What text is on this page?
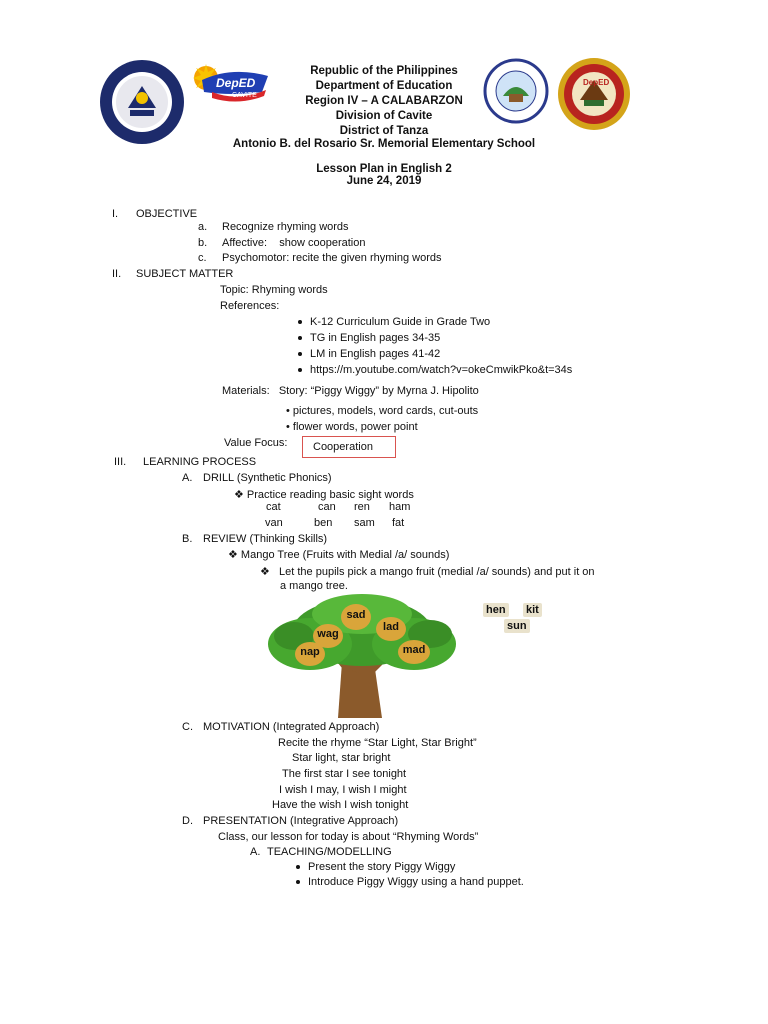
DepED
CAVITE
DepED
Republic of the Philippines
Department of Education
Region IV – A CALABARZON
Division of Cavite
District of Tanza
Antonio B. del Rosario Sr. Memorial Elementary School
Lesson Plan in English 2
June 24, 2019
I. OBJECTIVE
a. Recognize rhyming words
b. Affective:    show cooperation
c. Psychomotor: recite the given rhyming words
II. SUBJECT MATTER
Topic: Rhyming words
References:
K-12 Curriculum Guide in Grade Two
TG in English pages 34-35
LM in English pages 41-42
https://m.youtube.com/watch?v=okeCmwikPko&t=34s
Materials:   Story: “Piggy Wiggy” by Myrna J. Hipolito
• pictures, models, word cards, cut-outs
• flower words, power point
Value Focus:	Cooperation
III. LEARNING PROCESS
A. DRILL (Synthetic Phonics)
❖ Practice reading basic sight words
cat	can ren ham
van	ben sam fat
B. REVIEW (Thinking Skills)
❖ Mango Tree (Fruits with Medial /a/ sounds)
❖   Let the pupils pick a mango fruit (medial /a/ sounds) and put it on
a mango tree.
sad
wag
lad
nap	mad
hen kit
sun
C. MOTIVATION (Integrated Approach)
Recite the rhyme “Star Light, Star Bright”
Star light, star bright
The first star I see tonight
I wish I may, I wish I might
Have the wish I wish tonight
D. PRESENTATION (Integrative Approach)
Class, our lesson for today is about “Rhyming Words”
A. TEACHING/MODELLING
Present the story Piggy Wiggy
Introduce Piggy Wiggy using a hand puppet.
